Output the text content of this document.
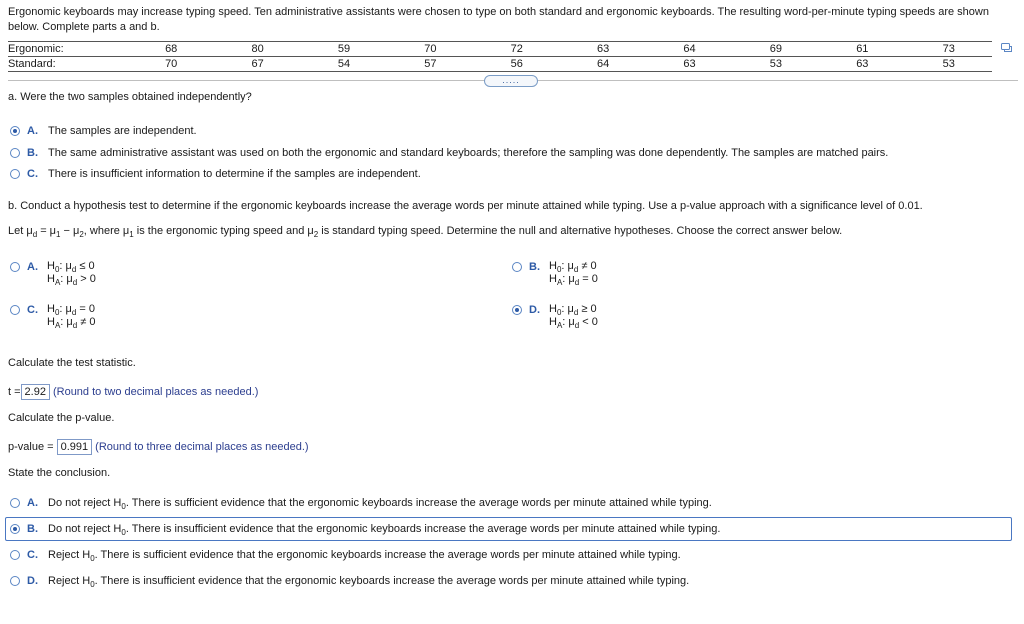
Ergonomic keyboards may increase typing speed. Ten administrative assistants were chosen to type on both standard and ergonomic keyboards. The resulting word-per-minute typing speeds are shown
below. Complete parts a and b.
Ergonomic:	68	80	59	70	72	63	64	69	61	73
Standard:	70	67	54	57	56	64	63	53	63	53
.....
a. Were the two samples obtained independently?
A. The samples are independent.
B. The same administrative assistant was used on both the ergonomic and standard keyboards; therefore the sampling was done dependently. The samples are matched pairs.
C. There is insufficient information to determine if the samples are independent.
b. Conduct a hypothesis test to determine if the ergonomic keyboards increase the average words per minute attained while typing. Use a p-value approach with a significance level of 0.01.
Let $\mu_d = \mu_1 - \mu_2$, where $\mu_1$ is the ergonomic typing speed and $\mu_2$ is standard typing speed. Determine the null and alternative hypotheses. Choose the correct answer below.
A. $H_0$: $\mu_d \le 0$
$H_A$: $\mu_d > 0$
B. $H_0$: $\mu_d \ne 0$
$H_A$: $\mu_d = 0$
C. $H_0$: $\mu_d = 0$
$H_A$: $\mu_d \ne 0$
D. $H_0$: $\mu_d \ge 0$
$H_A$: $\mu_d < 0$
Calculate the test statistic.
t = 2.92 (Round to two decimal places as needed.)
Calculate the p-value.
p-value = 0.991 (Round to three decimal places as needed.)
State the conclusion.
A. Do not reject $H_0$. There is sufficient evidence that the ergonomic keyboards increase the average words per minute attained while typing.
B. Do not reject $H_0$. There is insufficient evidence that the ergonomic keyboards increase the average words per minute attained while typing.
C. Reject $H_0$. There is sufficient evidence that the ergonomic keyboards increase the average words per minute attained while typing.
D. Reject $H_0$. There is insufficient evidence that the ergonomic keyboards increase the average words per minute attained while typing.
